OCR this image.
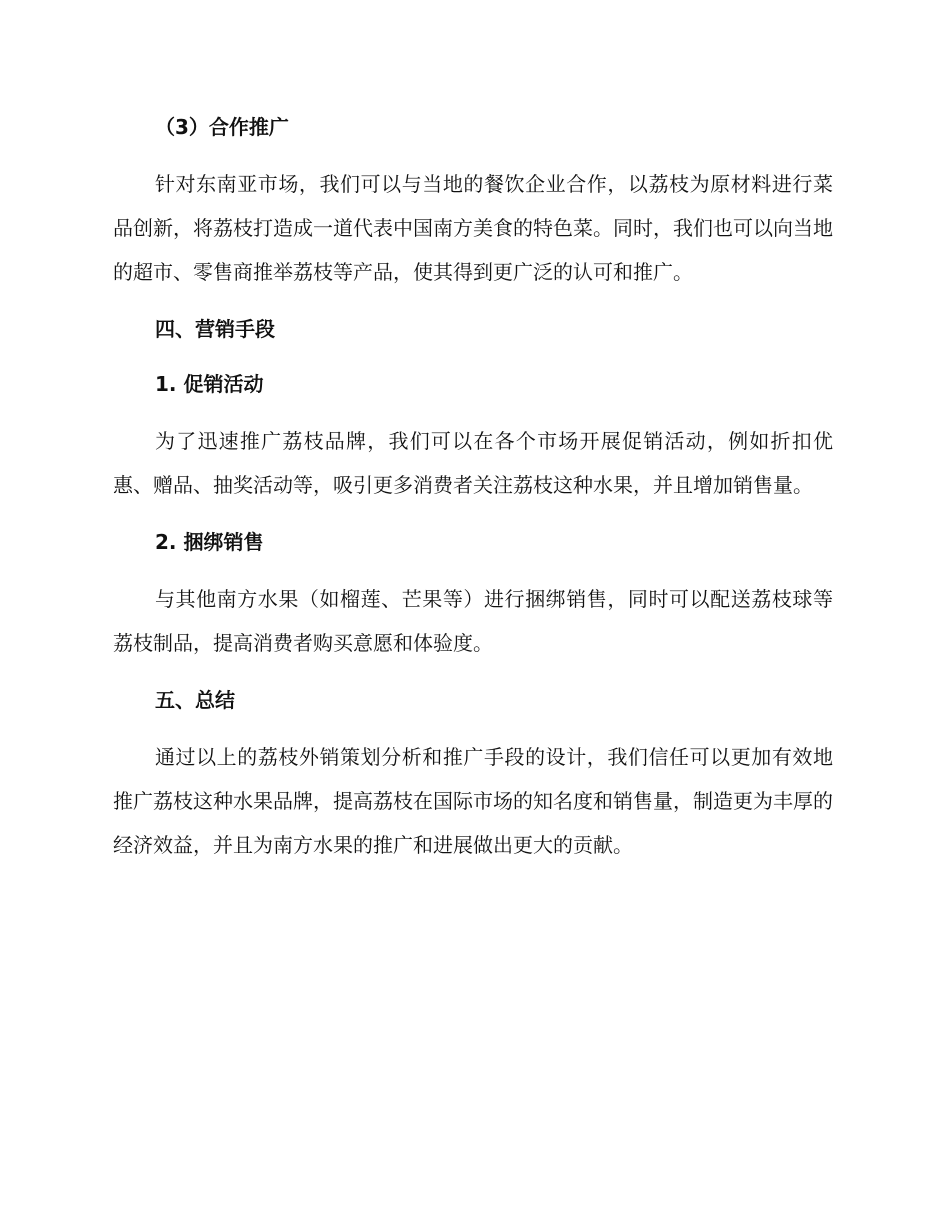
（3）合作推广

针对东南亚市场，我们可以与当地的餐饮企业合作，以荔枝为原材料进行菜品创新，将荔枝打造成一道代表中国南方美食的特色菜。同时，我们也可以向当地的超市、零售商推举荔枝等产品，使其得到更广泛的认可和推广。

四、营销手段

1. 促销活动

为了迅速推广荔枝品牌，我们可以在各个市场开展促销活动，例如折扣优惠、赠品、抽奖活动等，吸引更多消费者关注荔枝这种水果，并且增加销售量。

2. 捆绑销售

与其他南方水果（如榴莲、芒果等）进行捆绑销售，同时可以配送荔枝球等荔枝制品，提高消费者购买意愿和体验度。

五、总结

通过以上的荔枝外销策划分析和推广手段的设计，我们信任可以更加有效地推广荔枝这种水果品牌，提高荔枝在国际市场的知名度和销售量，制造更为丰厚的经济效益，并且为南方水果的推广和进展做出更大的贡献。
